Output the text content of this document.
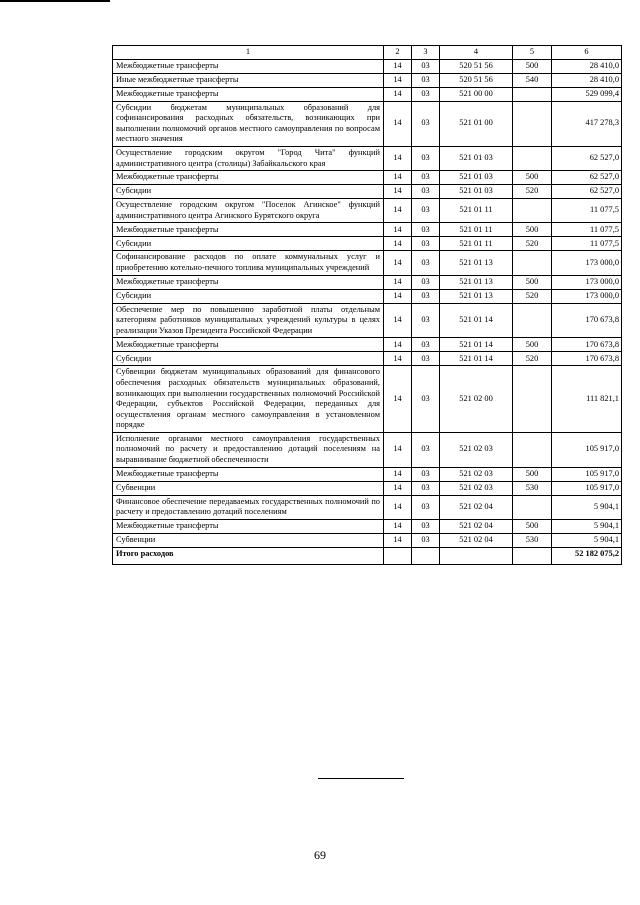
1	2	3	4	5	6
Межбюджетные трансферты	14	03	520 51 56	500	28 410,0
Иные межбюджетные трансферты	14	03	520 51 56	540	28 410,0
Межбюджетные трансферты	14	03	521 00 00		529 099,4
Субсидии бюджетам муниципальных образований для софинансирования расходных обязательств, возникающих при выполнении полномочий органов местного самоуправления по вопросам местного значения	14	03	521 01 00		417 278,3
Осуществление городским округом "Город Чита" функций административного центра (столицы) Забайкальского края	14	03	521 01 03		62 527,0
Межбюджетные трансферты	14	03	521 01 03	500	62 527,0
Субсидии	14	03	521 01 03	520	62 527,0
Осуществление городским округом "Поселок Агинское" функций административного центра Агинского Бурятского округа	14	03	521 01 11		11 077,5
Межбюджетные трансферты	14	03	521 01 11	500	11 077,5
Субсидии	14	03	521 01 11	520	11 077,5
Софинансирование расходов по оплате коммунальных услуг и приобретению котельно-печного топлива муниципальных учреждений	14	03	521 01 13		173 000,0
Межбюджетные трансферты	14	03	521 01 13	500	173 000,0
Субсидии	14	03	521 01 13	520	173 000,0
Обеспечение мер по повышению заработной платы отдельным категориям работников муниципальных учреждений культуры в целях реализации Указов Президента Российской Федерации	14	03	521 01 14		170 673,8
Межбюджетные трансферты	14	03	521 01 14	500	170 673,8
Субсидии	14	03	521 01 14	520	170 673,8
Субвенции бюджетам муниципальных образований для финансового обеспечения расходных обязательств муниципальных образований, возникающих при выполнении государственных полномочий Российской Федерации, субъектов Российской Федерации, переданных для осуществления органам местного самоуправления в установленном порядке	14	03	521 02 00		111 821,1
Исполнение органами местного самоуправления государственных полномочий по расчету и предоставлению дотаций поселениям на выравнивание бюджетной обеспеченности	14	03	521 02 03		105 917,0
Межбюджетные трансферты	14	03	521 02 03	500	105 917,0
Субвенции	14	03	521 02 03	530	105 917,0
Финансовое обеспечение передаваемых государственных полномочий по расчету и предоставлению дотаций поселениям	14	03	521 02 04		5 904,1
Межбюджетные трансферты	14	03	521 02 04	500	5 904,1
Субвенции	14	03	521 02 04	530	5 904,1
Итого расходов					52 182 075,2
69
